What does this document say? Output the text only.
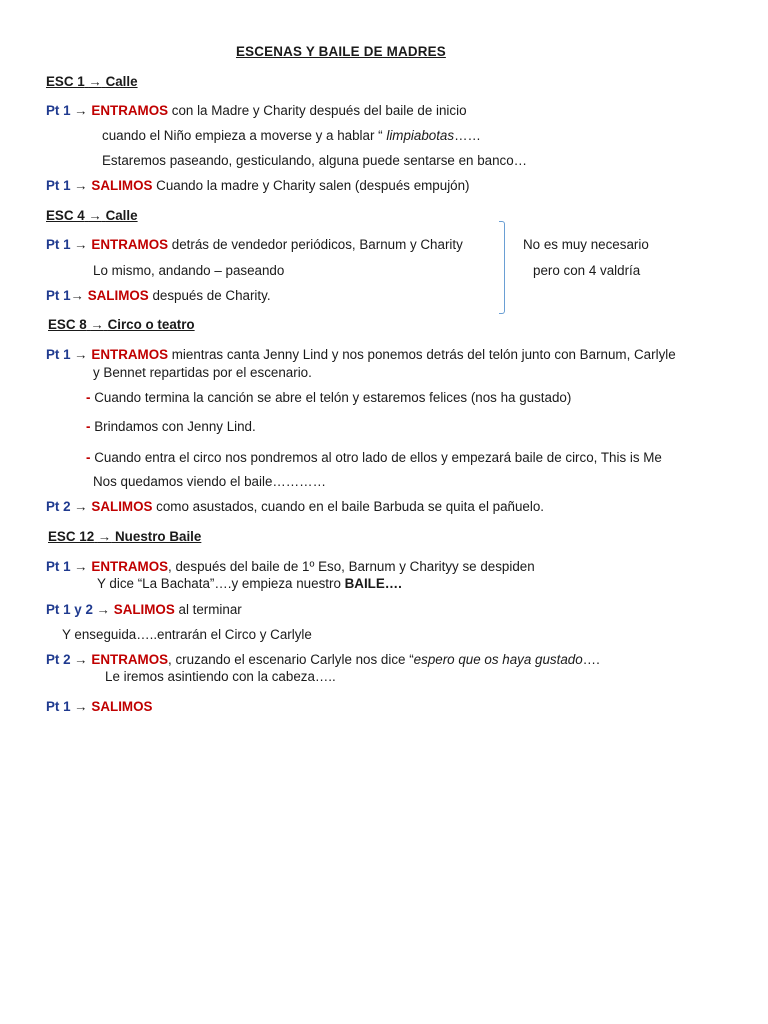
ESCENAS Y BAILE DE MADRES
ESC 1 → Calle
Pt 1 → ENTRAMOS con la Madre y Charity después del baile de inicio
cuando el Niño empieza a moverse y a hablar “ limpiabotas……
Estaremos paseando, gesticulando, alguna puede sentarse en banco…
Pt 1 → SALIMOS Cuando la madre y Charity salen (después empujón)
ESC 4 → Calle
Pt 1 → ENTRAMOS detrás de vendedor periódicos, Barnum y Charity
Lo mismo, andando – paseando
Pt 1→ SALIMOS después de Charity.
No es muy necesario
pero con 4 valdría
ESC 8 → Circo o teatro
Pt 1 → ENTRAMOS mientras canta Jenny Lind y nos ponemos detrás del telón junto con Barnum, Carlyle
y Bennet repartidas por el escenario.
- Cuando termina la canción se abre el telón y estaremos felices (nos ha gustado)
- Brindamos con Jenny Lind.
- Cuando entra el circo nos pondremos al otro lado de ellos y empezará baile de circo, This is Me
Nos quedamos viendo el baile…………
Pt 2 → SALIMOS como asustados, cuando en el baile Barbuda se quita el pañuelo.
ESC 12 → Nuestro Baile
Pt 1 → ENTRAMOS, después del baile de 1º Eso, Barnum y Charityy se despiden
Y dice “La Bachata”….y empieza nuestro BAILE….
Pt 1 y 2 → SALIMOS al terminar
Y enseguida…..entrarán el Circo y Carlyle
Pt 2 → ENTRAMOS, cruzando el escenario Carlyle nos dice “espero que os haya gustado….
Le iremos asintiendo con la cabeza…..
Pt 1 → SALIMOS
